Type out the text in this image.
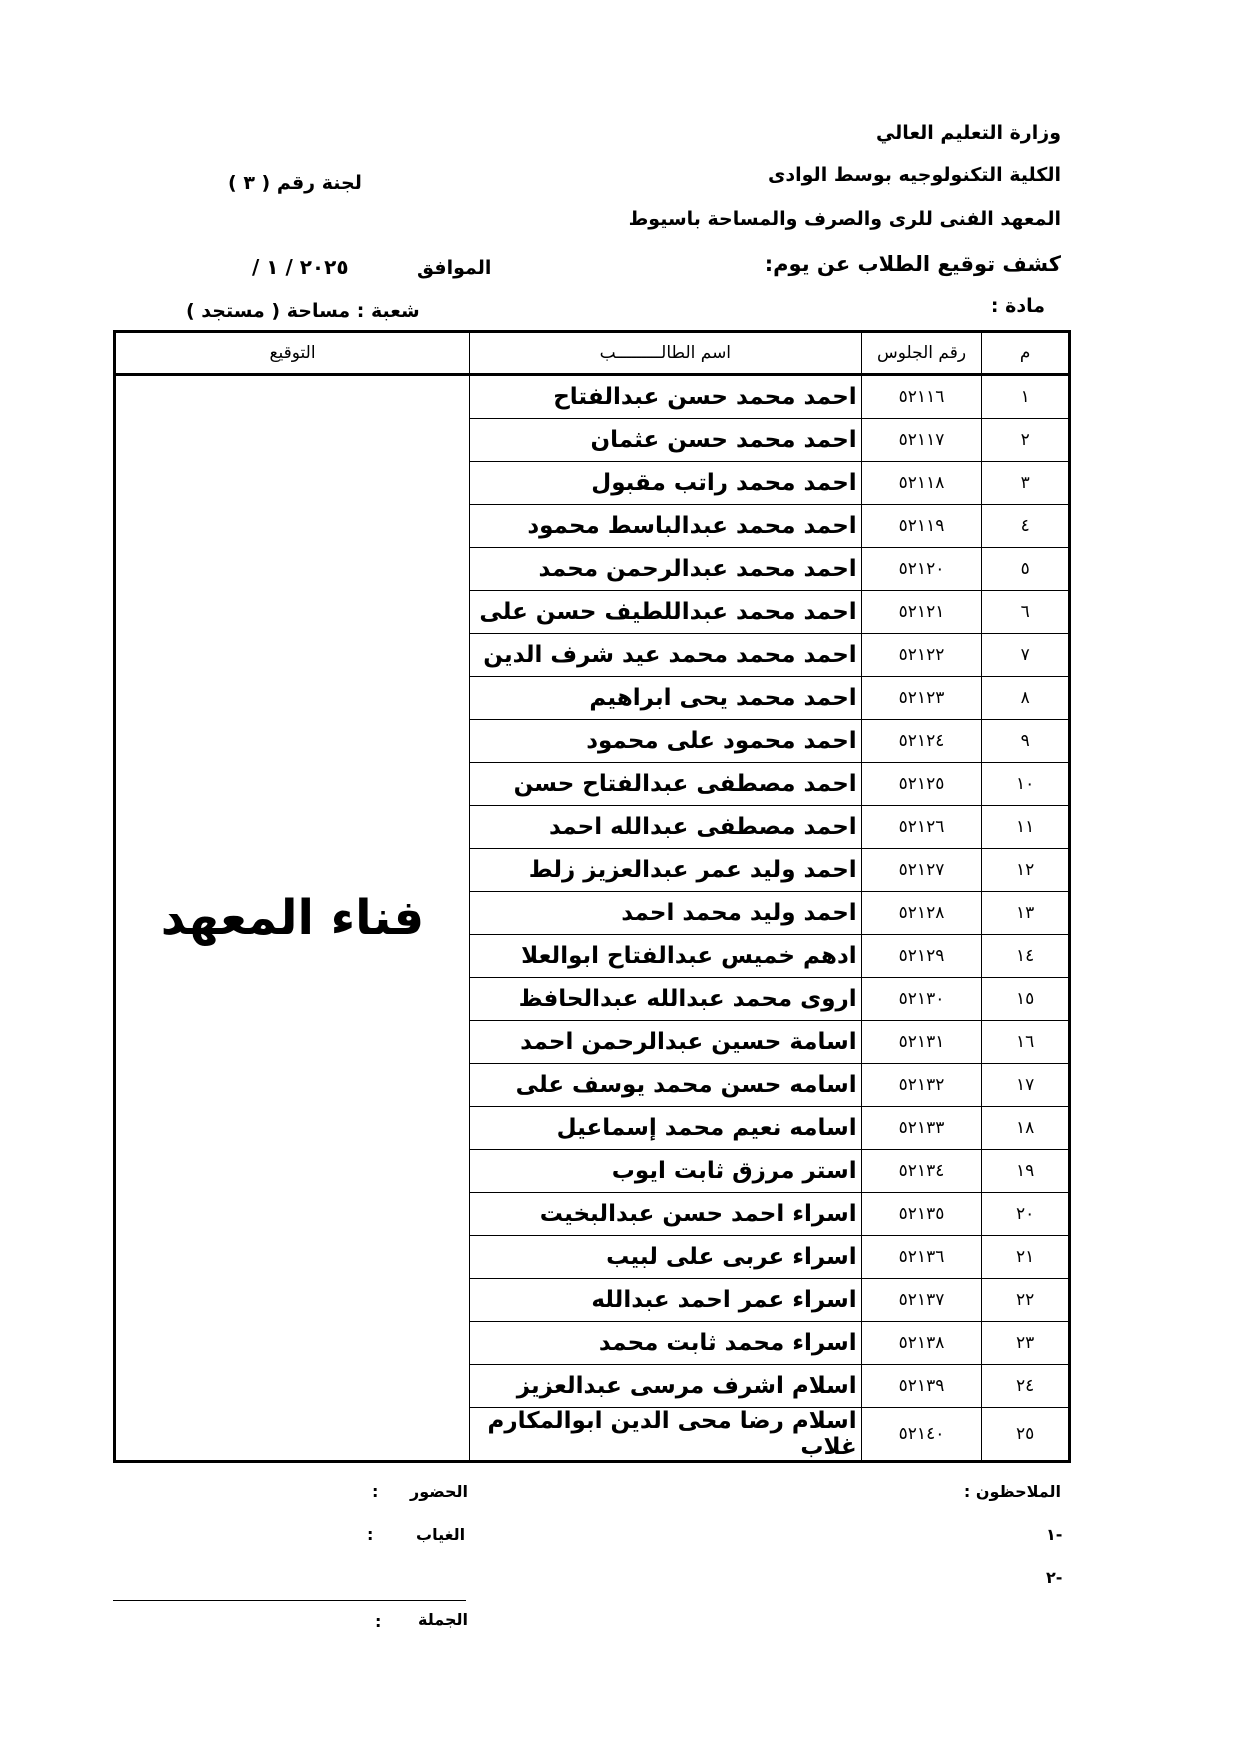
وزارة التعليم العالي
الكلية التكنولوجيه بوسط الوادى
المعهد الفنى للرى والصرف والمساحة باسيوط
كشف توقيع الطلاب عن يوم:
مادة :
لجنة رقم ( ٣ )
الموافق
/ ١ / ٢٠٢٥
شعبة : مساحة ( مستجد )
م	رقم الجلوس	اسم الطالـــــــــب	التوقيع
١	٥٢١١٦	احمد محمد حسن عبدالفتاح	فناء المعهد
٢	٥٢١١٧	احمد محمد حسن عثمان	
٣	٥٢١١٨	احمد محمد راتب مقبول	
٤	٥٢١١٩	احمد محمد عبدالباسط محمود	
٥	٥٢١٢٠	احمد محمد عبدالرحمن محمد	
٦	٥٢١٢١	احمد محمد عبداللطيف حسن على	
٧	٥٢١٢٢	احمد محمد محمد عيد شرف الدين	
٨	٥٢١٢٣	احمد محمد يحى ابراهيم	
٩	٥٢١٢٤	احمد محمود على محمود	
١٠	٥٢١٢٥	احمد مصطفى عبدالفتاح حسن	
١١	٥٢١٢٦	احمد مصطفى عبدالله احمد	
١٢	٥٢١٢٧	احمد وليد عمر عبدالعزيز زلط	
١٣	٥٢١٢٨	احمد وليد محمد احمد	
١٤	٥٢١٢٩	ادهم خميس عبدالفتاح ابوالعلا	
١٥	٥٢١٣٠	اروى محمد عبدالله عبدالحافظ	
١٦	٥٢١٣١	اسامة حسين عبدالرحمن احمد	
١٧	٥٢١٣٢	اسامه حسن محمد يوسف على	
١٨	٥٢١٣٣	اسامه نعيم محمد إسماعيل	
١٩	٥٢١٣٤	استر مرزق ثابت ايوب	
٢٠	٥٢١٣٥	اسراء احمد حسن عبدالبخيت	
٢١	٥٢١٣٦	اسراء عربى على لبيب	
٢٢	٥٢١٣٧	اسراء عمر احمد عبدالله	
٢٣	٥٢١٣٨	اسراء محمد ثابت محمد	
٢٤	٥٢١٣٩	اسلام اشرف مرسى عبدالعزيز	
٢٥	٥٢١٤٠	اسلام رضا محى الدين ابوالمكارم غلاب	
الملاحظون :
١-
٢-
الحضور
:
الغياب
:
الجملة
:
